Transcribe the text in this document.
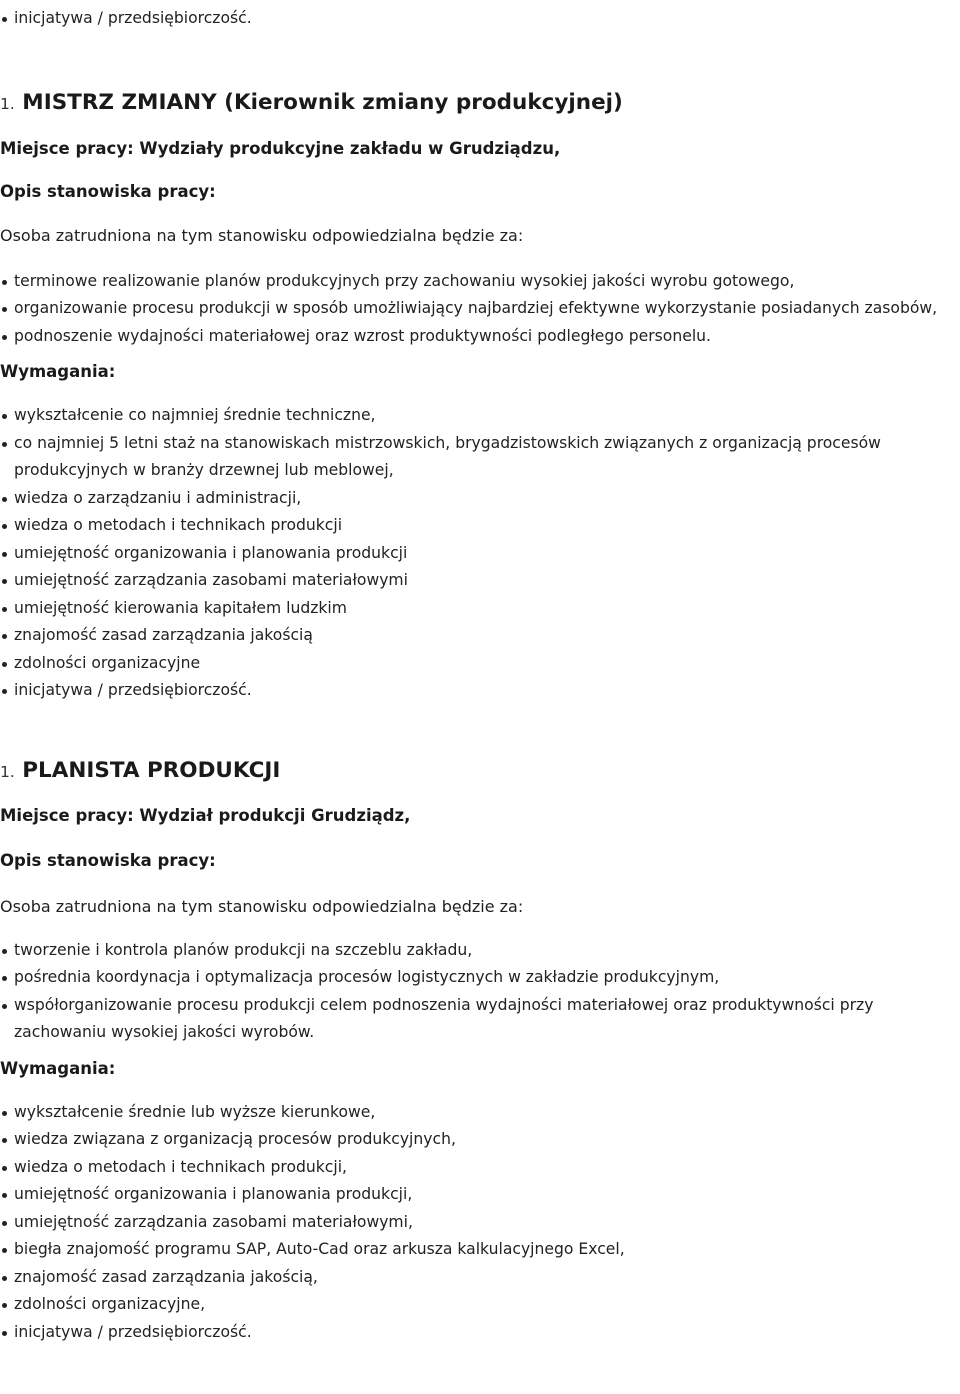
inicjatywa / przedsiębiorczość.
1. MISTRZ ZMIANY (Kierownik zmiany produkcyjnej)

Miejsce pracy: Wydziały produkcyjne zakładu w Grudziądzu,

Opis stanowiska pracy:

Osoba zatrudniona na tym stanowisku odpowiedzialna będzie za:

terminowe realizowanie planów produkcyjnych przy zachowaniu wysokiej jakości wyrobu gotowego,
organizowanie procesu produkcji w sposób umożliwiający najbardziej efektywne wykorzystanie posiadanych zasobów,
podnoszenie wydajności materiałowej oraz wzrost produktywności podległego personelu.

Wymagania:

wykształcenie co najmniej średnie techniczne,
co najmniej 5 letni staż na stanowiskach mistrzowskich, brygadzistowskich związanych z organizacją procesów produkcyjnych w branży drzewnej lub meblowej,
wiedza o zarządzaniu i administracji,
wiedza o metodach i technikach produkcji
umiejętność organizowania i planowania produkcji
umiejętność zarządzania zasobami materiałowymi
umiejętność kierowania kapitałem ludzkim
znajomość zasad zarządzania jakością
zdolności organizacyjne
inicjatywa / przedsiębiorczość.
1. PLANISTA PRODUKCJI

Miejsce pracy: Wydział produkcji Grudziądz,

Opis stanowiska pracy:

Osoba zatrudniona na tym stanowisku odpowiedzialna będzie za:

tworzenie i kontrola planów produkcji na szczeblu zakładu,
pośrednia koordynacja i optymalizacja procesów logistycznych w zakładzie produkcyjnym,
współorganizowanie procesu produkcji celem podnoszenia wydajności materiałowej oraz produktywności przy zachowaniu wysokiej jakości wyrobów.

Wymagania:

wykształcenie średnie lub wyższe kierunkowe,
wiedza związana z organizacją procesów produkcyjnych,
wiedza o metodach i technikach produkcji,
umiejętność organizowania i planowania produkcji,
umiejętność zarządzania zasobami materiałowymi,
biegła znajomość programu SAP, Auto-Cad oraz arkusza kalkulacyjnego Excel,
znajomość zasad zarządzania jakością,
zdolności organizacyjne,
inicjatywa / przedsiębiorczość.
